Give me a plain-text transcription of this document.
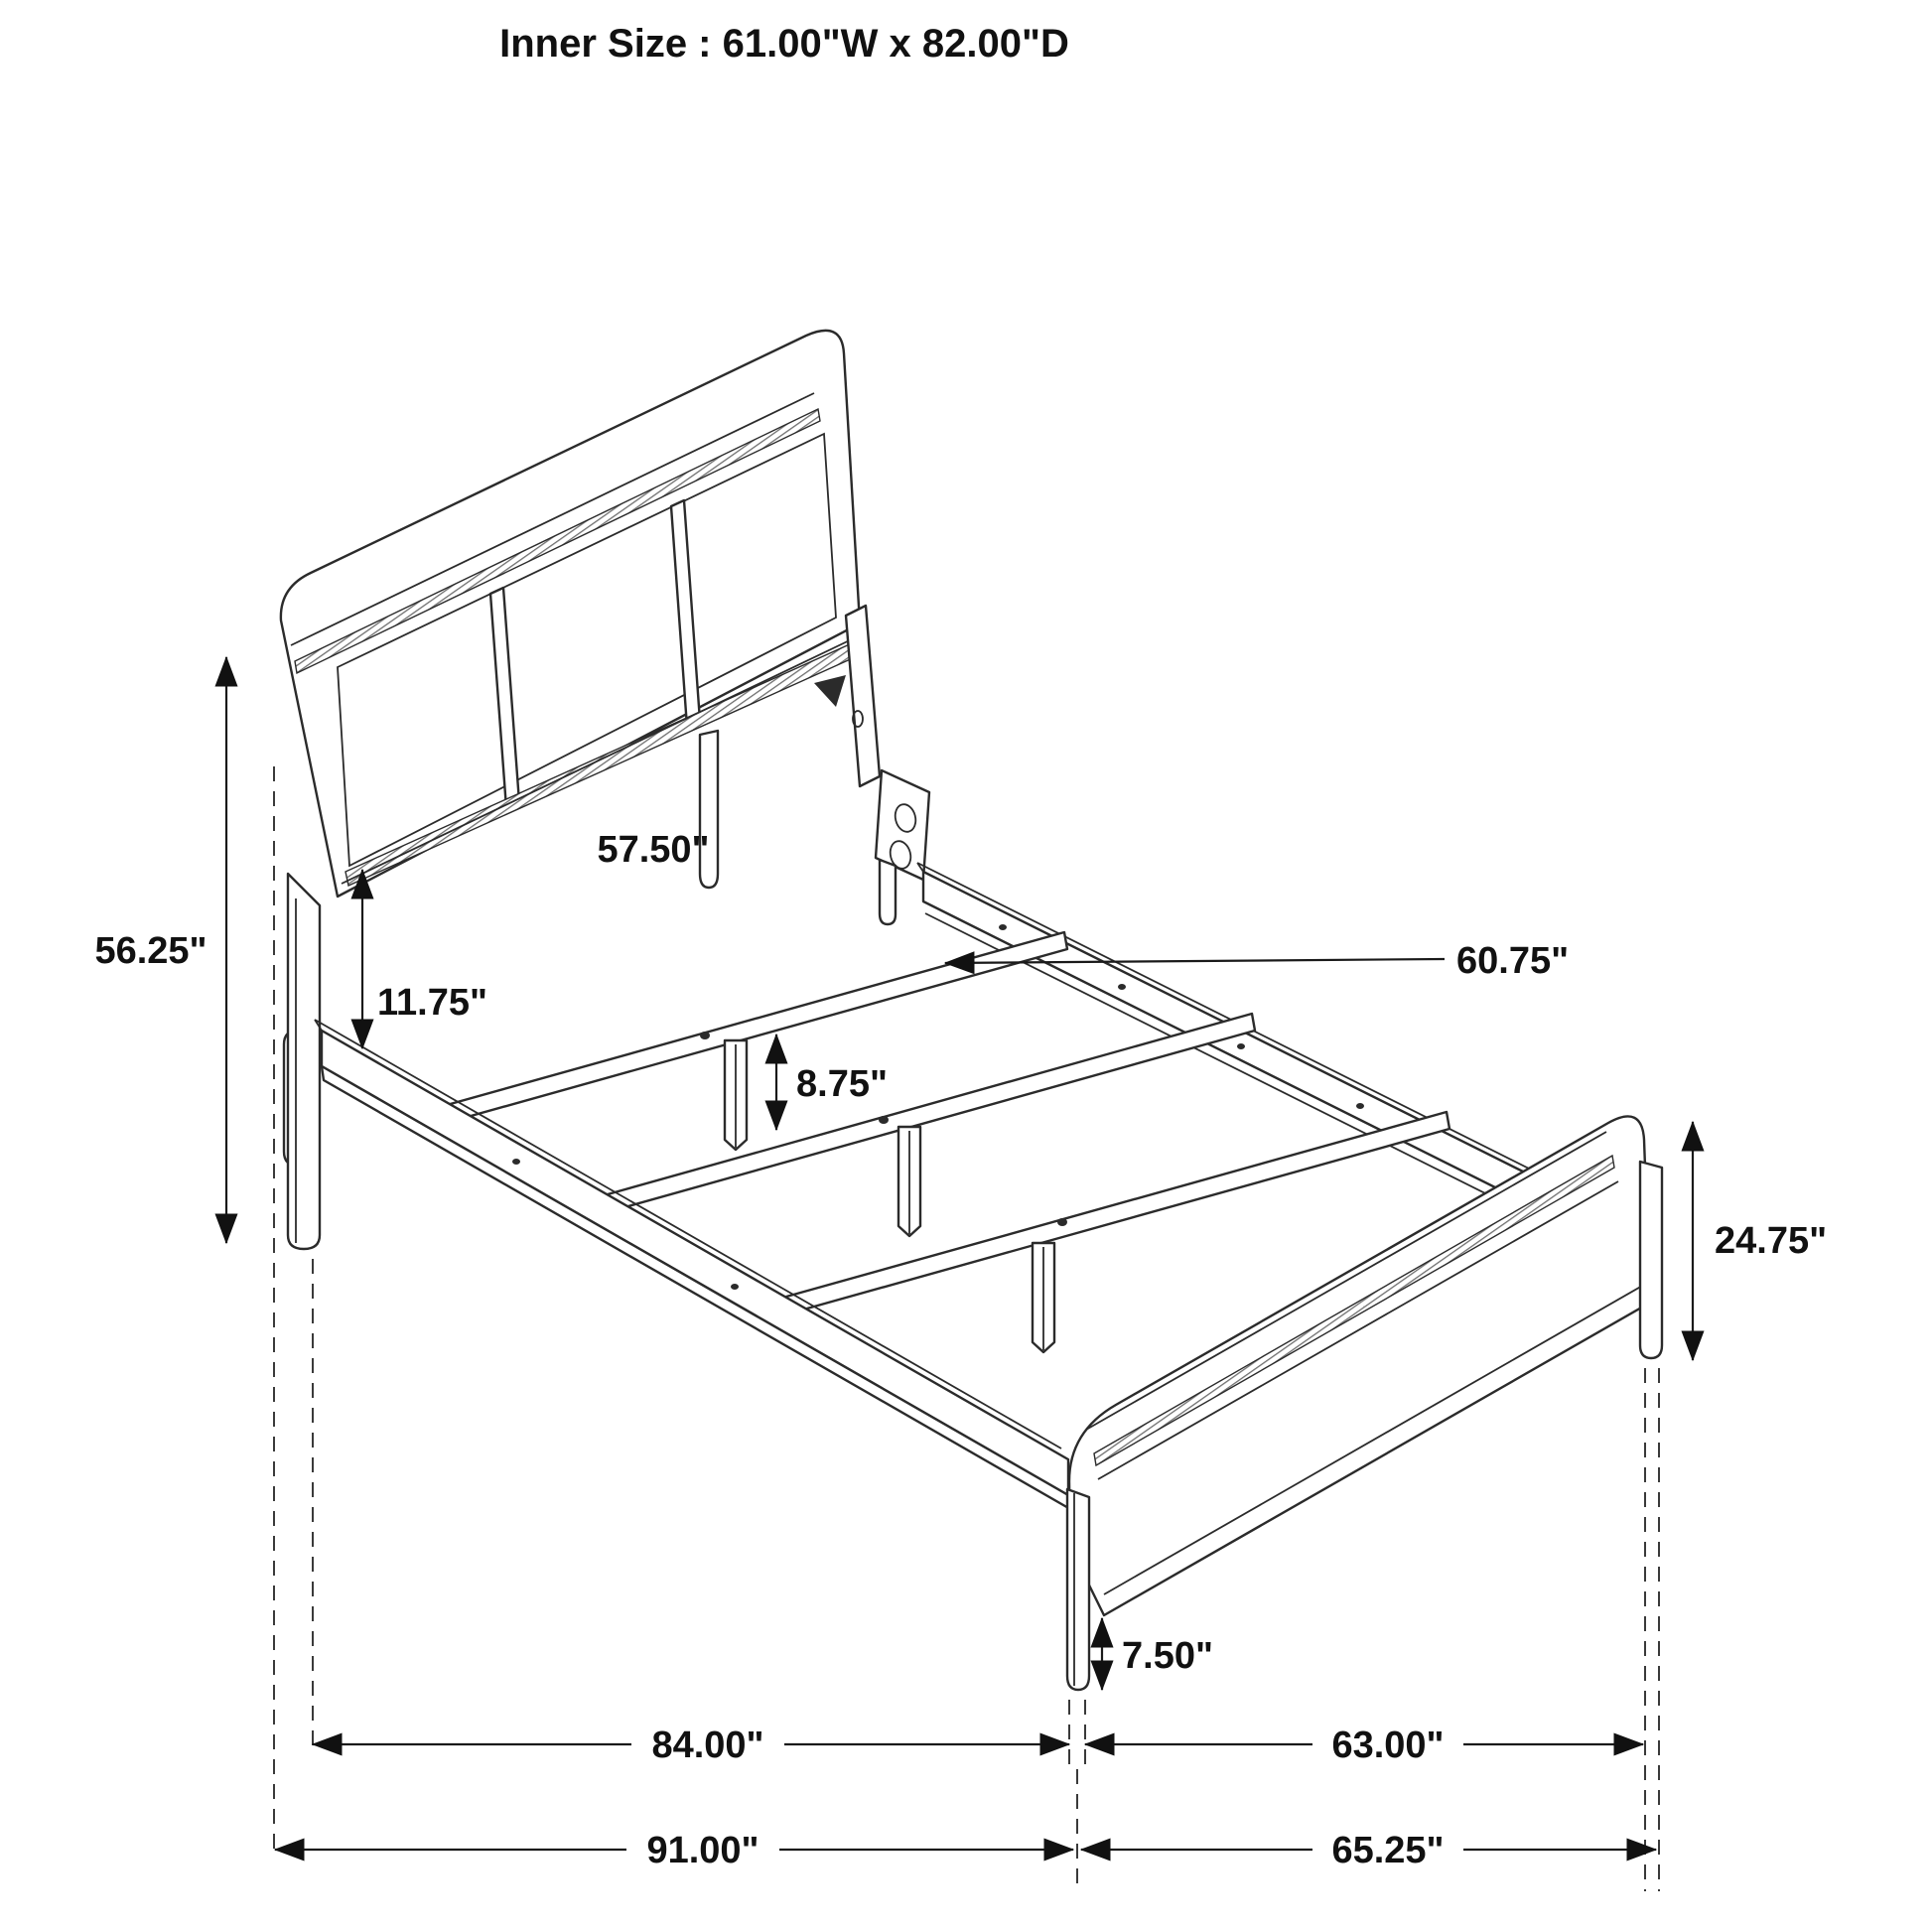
Inner Size : 61.00"W x 82.00"D
56.25"
11.75"
57.50"
8.75"
60.75"
24.75"
7.50"
84.00"	63.00"
91.00"	65.25"
